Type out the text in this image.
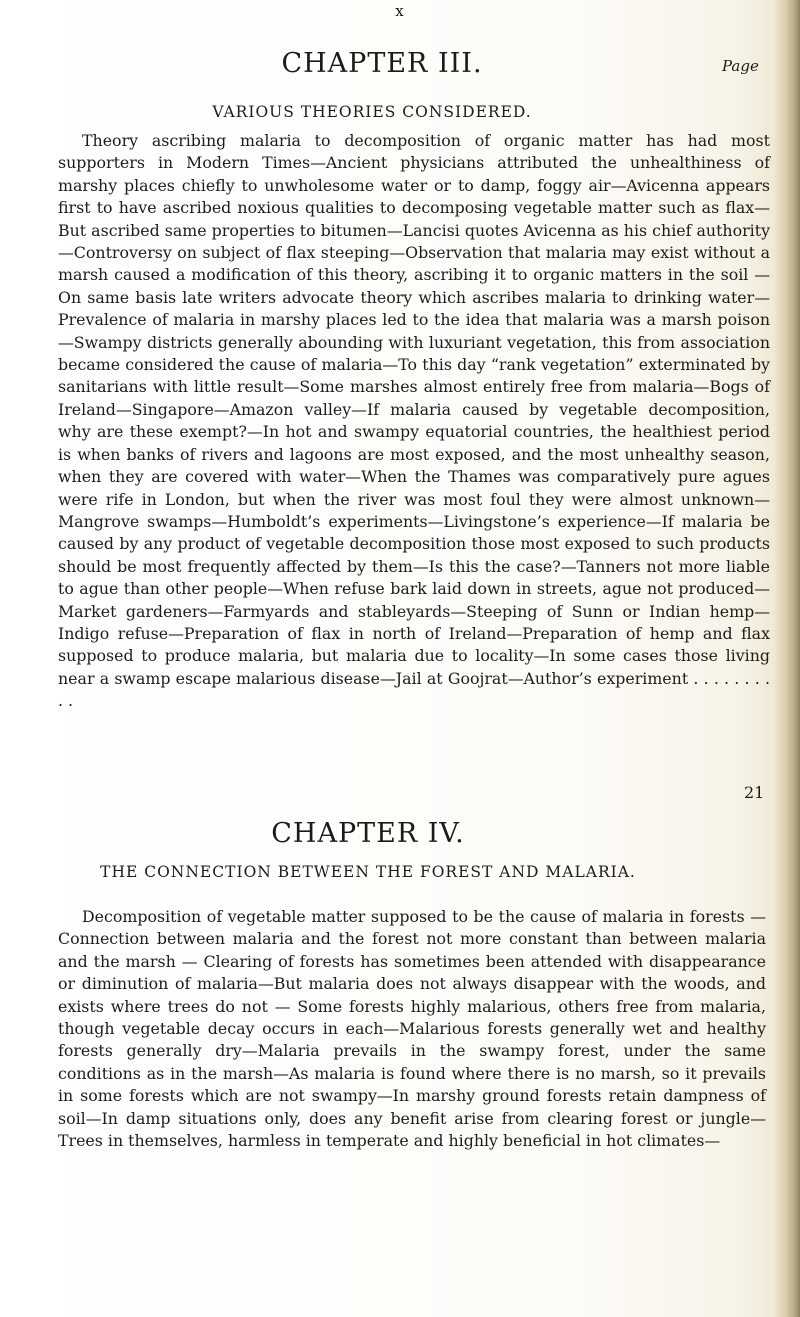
x
Page
CHAPTER III.
VARIOUS THEORIES CONSIDERED.

Theory ascribing malaria to decomposition of organic matter has had most supporters in Modern Times—Ancient physicians attributed the unhealthiness of marshy places chiefly to unwholesome water or to damp, foggy air—Avicenna appears first to have ascribed noxious qualities to decomposing vegetable matter such as flax—But ascribed same properties to bitumen—Lancisi quotes Avicenna as his chief authority—Controversy on subject of flax steeping—Observation that malaria may exist without a marsh caused a modification of this theory, ascribing it to organic matters in the soil —On same basis late writers advocate theory which ascribes malaria to drinking water—Prevalence of malaria in marshy places led to the idea that malaria was a marsh poison—Swampy districts generally abounding with luxuriant vegetation, this from association became considered the cause of malaria—To this day “rank vegetation” exterminated by sanitarians with little result—Some marshes almost entirely free from malaria—Bogs of Ireland—Singapore—Amazon valley—If malaria caused by vegetable decomposition, why are these exempt?—In hot and swampy equatorial countries, the healthiest period is when banks of rivers and lagoons are most exposed, and the most unhealthy season, when they are covered with water—When the Thames was comparatively pure agues were rife in London, but when the river was most foul they were almost unknown—Mangrove swamps—Humboldt’s experiments—Livingstone’s experience—If malaria be caused by any product of vegetable decomposition those most exposed to such products should be most frequently affected by them—Is this the case?—Tanners not more liable to ague than other people—When refuse bark laid down in streets, ague not produced—Market gardeners—Farmyards and stableyards—Steeping of Sunn or Indian hemp—Indigo refuse—Preparation of flax in north of Ireland—Preparation of hemp and flax supposed to produce malaria, but malaria due to locality—In some cases those living near a swamp escape malarious disease—Jail at Goojrat—Author’s experiment . . . . . . . . . .

21
CHAPTER IV.
THE CONNECTION BETWEEN THE FOREST AND MALARIA.

Decomposition of vegetable matter supposed to be the cause of malaria in forests — Connection between malaria and the forest not more constant than between malaria and the marsh — Clearing of forests has sometimes been attended with disappearance or diminution of malaria—But malaria does not always disappear with the woods, and exists where trees do not — Some forests highly malarious, others free from malaria, though vegetable decay occurs in each—Malarious forests generally wet and healthy forests generally dry—Malaria prevails in the swampy forest, under the same conditions as in the marsh—As malaria is found where there is no marsh, so it prevails in some forests which are not swampy—In marshy ground forests retain dampness of soil—In damp situations only, does any benefit arise from clearing forest or jungle—Trees in themselves, harmless in temperate and highly beneficial in hot climates—
